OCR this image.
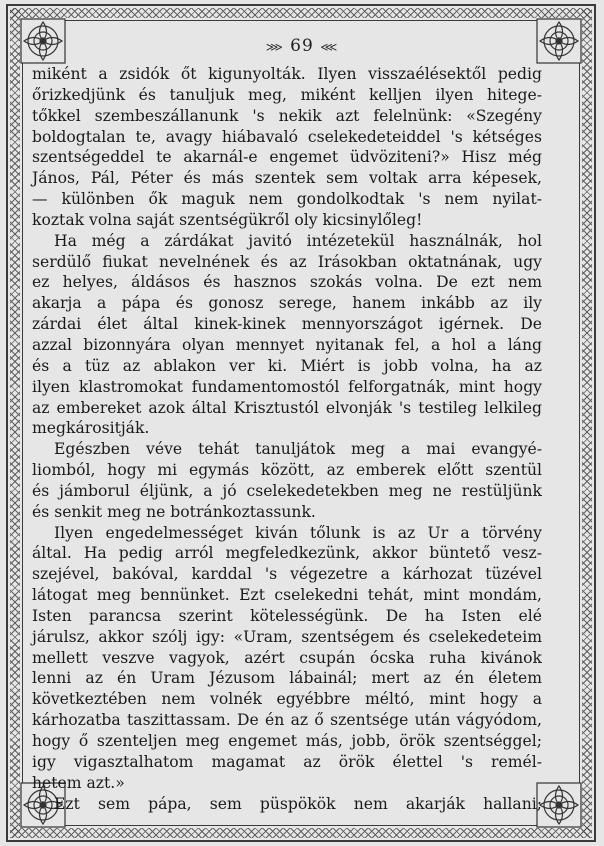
⋙ 69 ⋘
miként a zsidók őt kigunyolták. Ilyen visszaélésektől pedig
őrizkedjünk és tanuljuk meg, miként kelljen ilyen hitege-
tőkkel szembeszállanunk 's nekik azt felelnünk: «Szegény
boldogtalan te, avagy hiábavaló cselekedeteiddel 's kétséges
szentségeddel te akarnál-e engemet üdvöziteni?» Hisz még
János, Pál, Péter és más szentek sem voltak arra képesek,
— különben ők maguk nem gondolkodtak 's nem nyilat-
koztak volna saját szentségükről oly kicsinylőleg!
Ha még a zárdákat javitó intézetekül használnák, hol
serdülő fiukat nevelnének és az Irásokban oktatnának, ugy
ez helyes, áldásos és hasznos szokás volna. De ezt nem
akarja a pápa és gonosz serege, hanem inkább az ily
zárdai élet által kinek-kinek mennyországot igérnek. De
azzal bizonnyára olyan mennyet nyitanak fel, a hol a láng
és a tüz az ablakon ver ki. Miért is jobb volna, ha az
ilyen klastromokat fundamentomostól felforgatnák, mint hogy
az embereket azok által Krisztustól elvonják 's testileg lelkileg
megkárositják.
Egészben véve tehát tanuljátok meg a mai evangyé-
liomból, hogy mi egymás között, az emberek előtt szentül
és jámborul éljünk, a jó cselekedetekben meg ne restüljünk
és senkit meg ne botránkoztassunk.
Ilyen engedelmességet kiván tőlunk is az Ur a törvény
által. Ha pedig arról megfeledkezünk, akkor büntető vesz-
szejével, bakóval, karddal 's végezetre a kárhozat tüzével
látogat meg bennünket. Ezt cselekedni tehát, mint mondám,
Isten parancsa szerint kötelességünk. De ha Isten elé
járulsz, akkor szólj igy: «Uram, szentségem és cselekedeteim
mellett veszve vagyok, azért csupán ócska ruha kivánok
lenni az én Uram Jézusom lábainál; mert az én életem
következtében nem volnék egyébbre méltó, mint hogy a
kárhozatba taszittassam. De én az ő szentsége után vágyódom,
hogy ő szenteljen meg engemet más, jobb, örök szentséggel;
igy vigasztalhatom magamat az örök élettel 's remél-
hetem azt.»
Ezt sem pápa, sem püspökök nem akarják hallani;
